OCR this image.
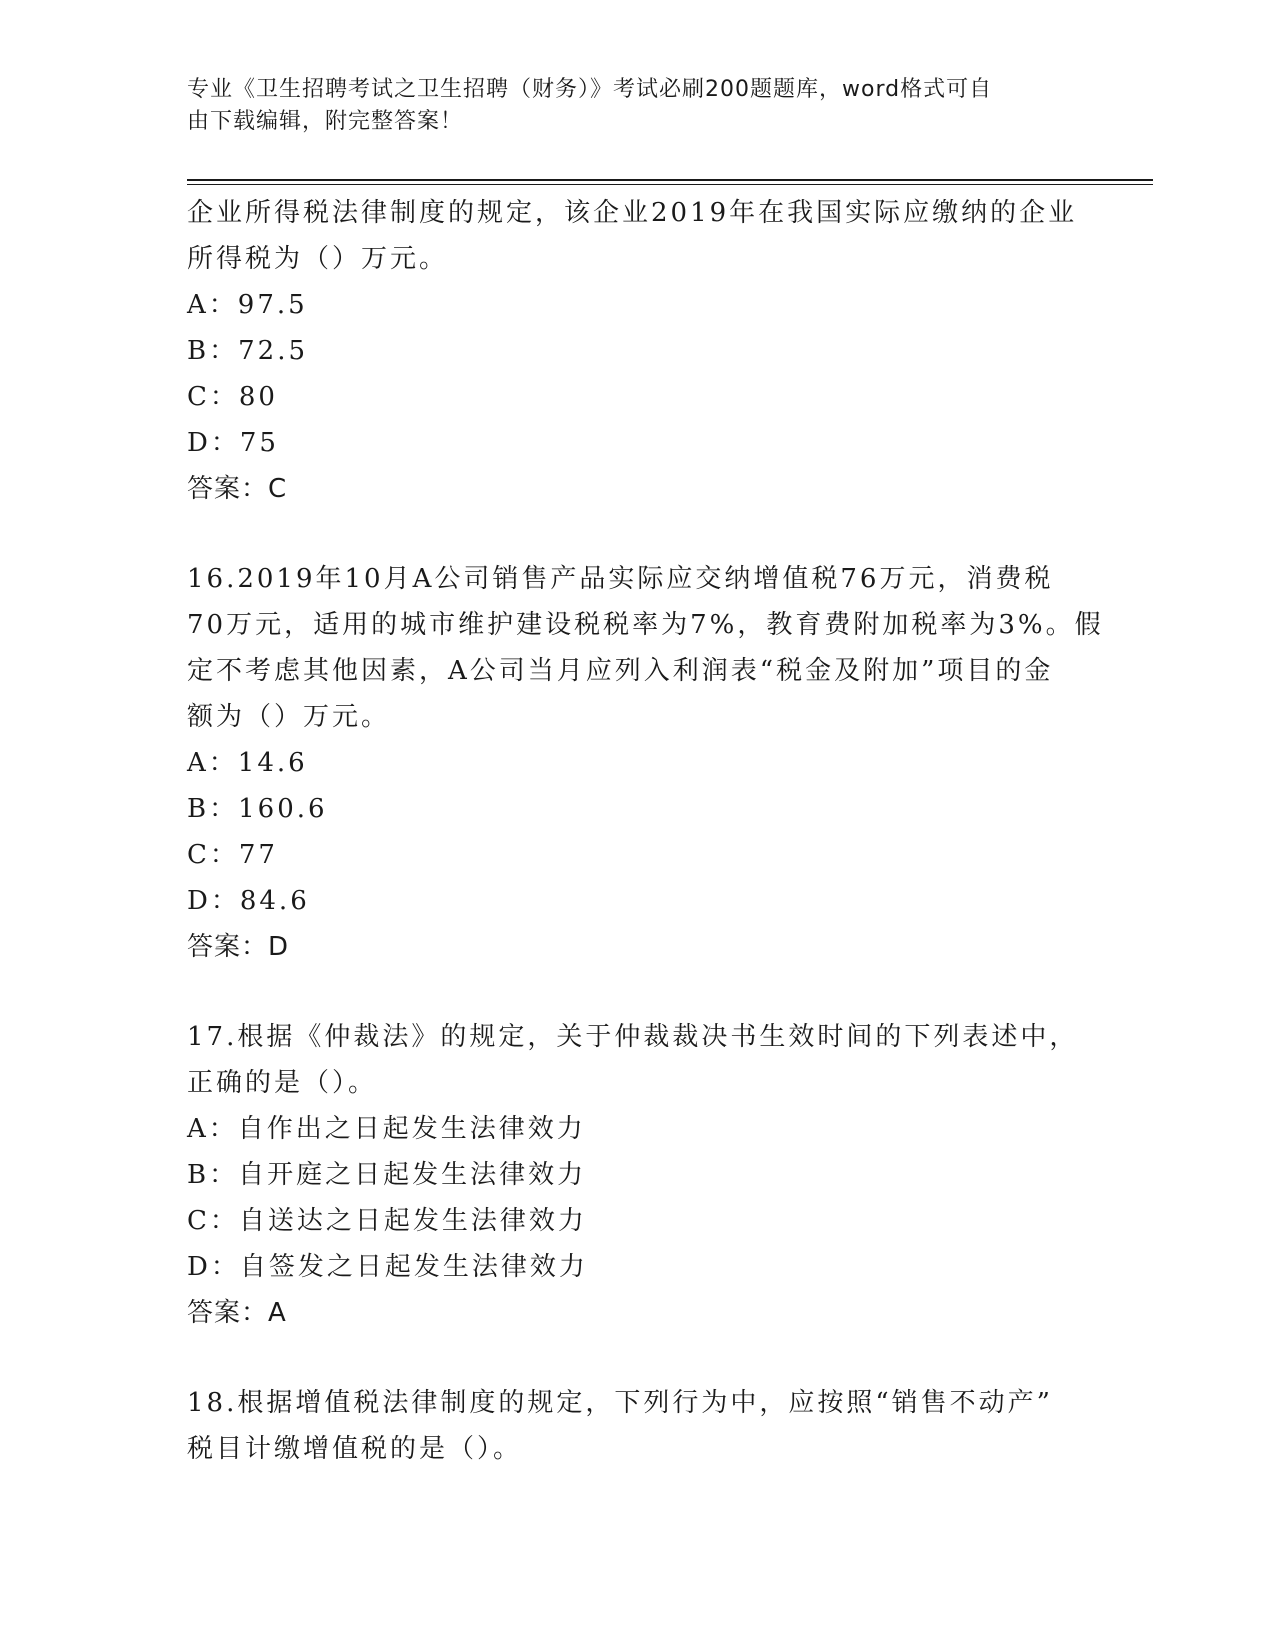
专业《卫生招聘考试之卫生招聘（财务）》考试必刷200题题库，word格式可自
由下载编辑，附完整答案！
企业所得税法律制度的规定，该企业2019年在我国实际应缴纳的企业
所得税为（）万元。
A：97.5
B：72.5
C：80
D：75
答案：C
16.2019年10月A公司销售产品实际应交纳增值税76万元，消费税
70万元，适用的城市维护建设税税率为7%，教育费附加税率为3%。假
定不考虑其他因素，A公司当月应列入利润表“税金及附加”项目的金
额为（）万元。
A：14.6
B：160.6
C：77
D：84.6
答案：D
17.根据《仲裁法》的规定，关于仲裁裁决书生效时间的下列表述中，
正确的是（）。
A：自作出之日起发生法律效力
B：自开庭之日起发生法律效力
C：自送达之日起发生法律效力
D：自签发之日起发生法律效力
答案：A
18.根据增值税法律制度的规定，下列行为中，应按照“销售不动产”
税目计缴增值税的是（）。
